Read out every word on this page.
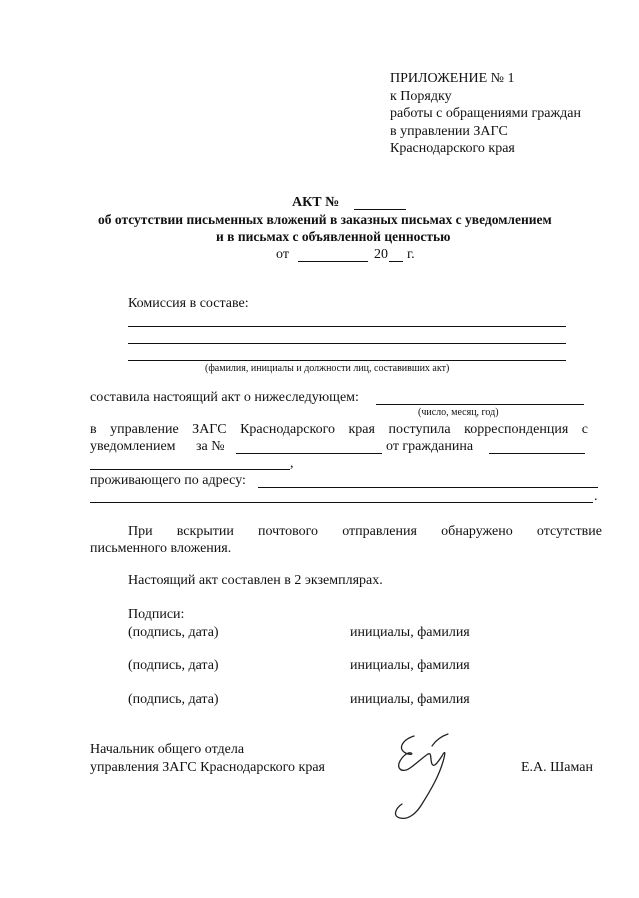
ПРИЛОЖЕНИЕ № 1
к Порядку
работы с обращениями граждан
в управлении ЗАГС
Краснодарского края
АКТ №
об отсутствии письменных вложений в заказных письмах с уведомлением
и в письмах с объявленной ценностью
от	20 г.
Комиссия в составе:
(фамилия, инициалы и должности лиц, составивших акт)
составила настоящий акт о нижеследующем:
(число, месяц, год)
в управление ЗАГС Краснодарского края поступила корреспонденция с
уведомлением за №	от гражданина
,
проживающего по адресу:
.
При вскрытии почтового отправления обнаружено отсутствие
письменного вложения.
Настоящий акт составлен в 2 экземплярах.
Подписи:
(подпись, дата)	инициалы, фамилия
(подпись, дата)	инициалы, фамилия
(подпись, дата)	инициалы, фамилия
Начальник общего отдела
управления ЗАГС Краснодарского края	Е.А. Шаман
